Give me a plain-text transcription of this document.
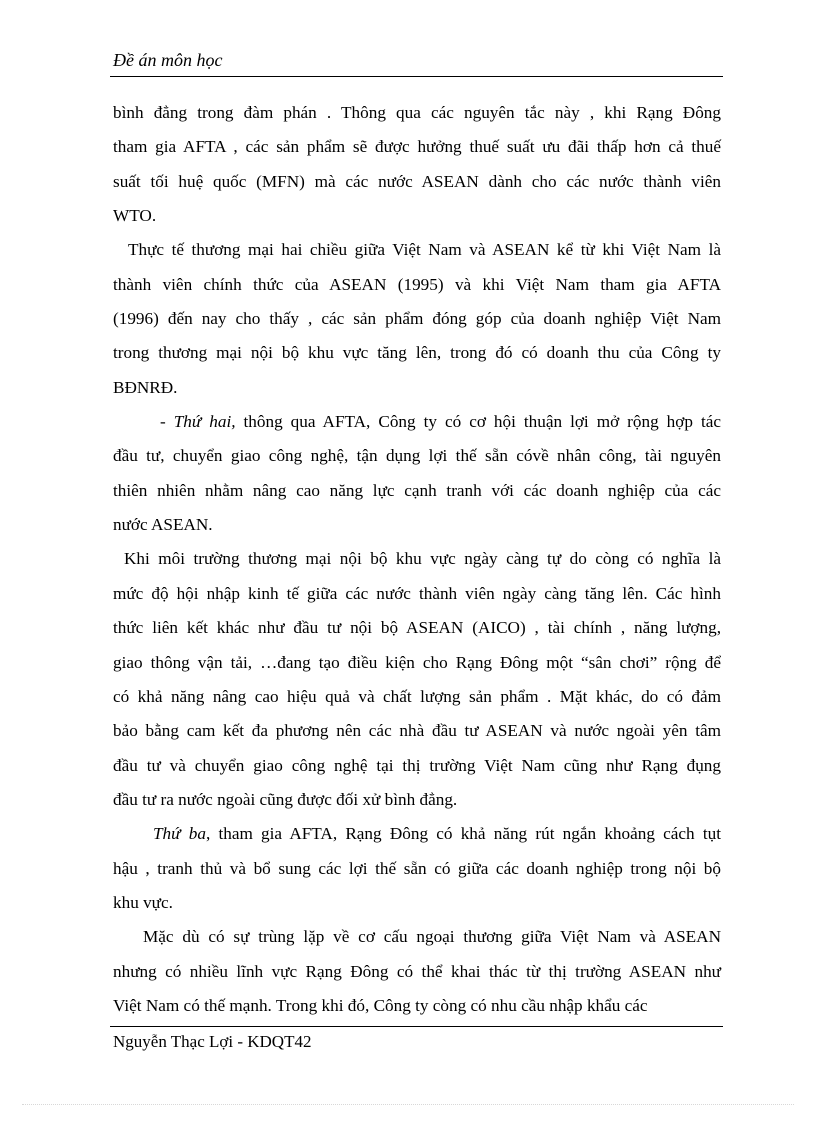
Đề án môn học
bình đẳng trong đàm phán . Thông qua các nguyên tắc này , khi Rạng Đông
tham gia AFTA , các sản phẩm sẽ được hưởng thuế suất ưu đãi thấp hơn cả thuế
suất tối huệ quốc (MFN) mà các nước ASEAN dành cho các nước thành viên
WTO.
Thực tế thương mại hai chiều giữa Việt Nam và ASEAN kể từ khi Việt Nam là
thành viên chính thức của ASEAN (1995) và khi Việt Nam tham gia AFTA
(1996) đến nay cho thấy , các sản phẩm đóng góp của doanh nghiệp Việt Nam
trong thương mại nội bộ khu vực tăng lên, trong đó có doanh thu của Công ty
BĐNRĐ.
- Thứ hai, thông qua AFTA, Công ty có cơ hội thuận lợi mở rộng hợp tác
đầu tư, chuyển giao công nghệ, tận dụng lợi thế sẵn cóvề nhân công, tài nguyên
thiên nhiên nhằm nâng cao năng lực cạnh tranh với các doanh nghiệp của các
nước ASEAN.
Khi môi trường thương mại nội bộ khu vực ngày càng tự do còng có nghĩa là
mức độ hội nhập kinh tế giữa các nước thành viên ngày càng tăng lên. Các hình
thức liên kết khác như đầu tư nội bộ ASEAN (AICO) , tài chính , năng lượng,
giao thông vận tải, …đang tạo điều kiện cho Rạng Đông một “sân chơi” rộng để
có khả năng nâng cao hiệu quả và chất lượng sản phẩm . Mặt khác, do có đảm
bảo bằng cam kết đa phương nên các nhà đầu tư ASEAN và nước ngoài yên tâm
đầu tư và chuyển giao công nghệ tại thị trường Việt Nam cũng như Rạng đụng
đầu tư ra nước ngoài cũng được đối xử bình đẳng.
Thứ ba, tham gia AFTA, Rạng Đông có khả năng rút ngắn khoảng cách tụt
hậu , tranh thủ và bổ sung các lợi thế sẵn có giữa các doanh nghiệp trong nội bộ
khu vực.
Mặc dù có sự trùng lặp về cơ cấu ngoại thương giữa Việt Nam và ASEAN
nhưng có nhiều lĩnh vực Rạng Đông có thể khai thác từ thị trường ASEAN như
Việt Nam có thế mạnh. Trong khi đó, Công ty còng có nhu cầu nhập khẩu các
Nguyễn Thạc Lợi - KDQT42
